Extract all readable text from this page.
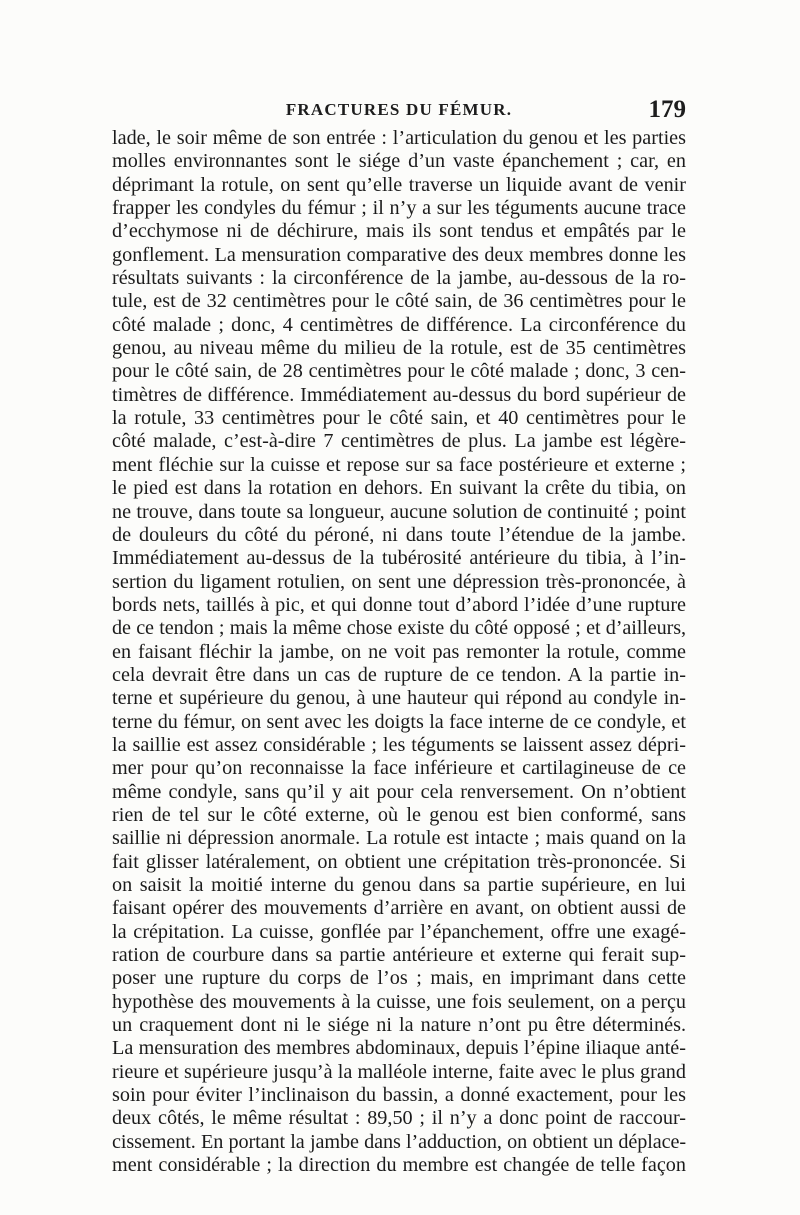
FRACTURES DU FÉMUR.	179
lade, le soir même de son entrée : l’articulation du genou et les parties
molles environnantes sont le siége d’un vaste épanchement ; car, en
déprimant la rotule, on sent qu’elle traverse un liquide avant de venir
frapper les condyles du fémur ; il n’y a sur les téguments aucune trace
d’ecchymose ni de déchirure, mais ils sont tendus et empâtés par le
gonflement. La mensuration comparative des deux membres donne les
résultats suivants : la circonférence de la jambe, au-dessous de la ro-
tule, est de 32 centimètres pour le côté sain, de 36 centimètres pour le
côté malade ; donc, 4 centimètres de différence. La circonférence du
genou, au niveau même du milieu de la rotule, est de 35 centimètres
pour le côté sain, de 28 centimètres pour le côté malade ; donc, 3 cen-
timètres de différence. Immédiatement au-dessus du bord supérieur de
la rotule, 33 centimètres pour le côté sain, et 40 centimètres pour le
côté malade, c’est-à-dire 7 centimètres de plus. La jambe est légère-
ment fléchie sur la cuisse et repose sur sa face postérieure et externe ;
le pied est dans la rotation en dehors. En suivant la crête du tibia, on
ne trouve, dans toute sa longueur, aucune solution de continuité ; point
de douleurs du côté du péroné, ni dans toute l’étendue de la jambe.
Immédiatement au-dessus de la tubérosité antérieure du tibia, à l’in-
sertion du ligament rotulien, on sent une dépression très-prononcée, à
bords nets, taillés à pic, et qui donne tout d’abord l’idée d’une rupture
de ce tendon ; mais la même chose existe du côté opposé ; et d’ailleurs,
en faisant fléchir la jambe, on ne voit pas remonter la rotule, comme
cela devrait être dans un cas de rupture de ce tendon. A la partie in-
terne et supérieure du genou, à une hauteur qui répond au condyle in-
terne du fémur, on sent avec les doigts la face interne de ce condyle, et
la saillie est assez considérable ; les téguments se laissent assez dépri-
mer pour qu’on reconnaisse la face inférieure et cartilagineuse de ce
même condyle, sans qu’il y ait pour cela renversement. On n’obtient
rien de tel sur le côté externe, où le genou est bien conformé, sans
saillie ni dépression anormale. La rotule est intacte ; mais quand on la
fait glisser latéralement, on obtient une crépitation très-prononcée. Si
on saisit la moitié interne du genou dans sa partie supérieure, en lui
faisant opérer des mouvements d’arrière en avant, on obtient aussi de
la crépitation. La cuisse, gonflée par l’épanchement, offre une exagé-
ration de courbure dans sa partie antérieure et externe qui ferait sup-
poser une rupture du corps de l’os ; mais, en imprimant dans cette
hypothèse des mouvements à la cuisse, une fois seulement, on a perçu
un craquement dont ni le siége ni la nature n’ont pu être déterminés.
La mensuration des membres abdominaux, depuis l’épine iliaque anté-
rieure et supérieure jusqu’à la malléole interne, faite avec le plus grand
soin pour éviter l’inclinaison du bassin, a donné exactement, pour les
deux côtés, le même résultat : 89,50 ; il n’y a donc point de raccour-
cissement. En portant la jambe dans l’adduction, on obtient un déplace-
ment considérable ; la direction du membre est changée de telle façon
